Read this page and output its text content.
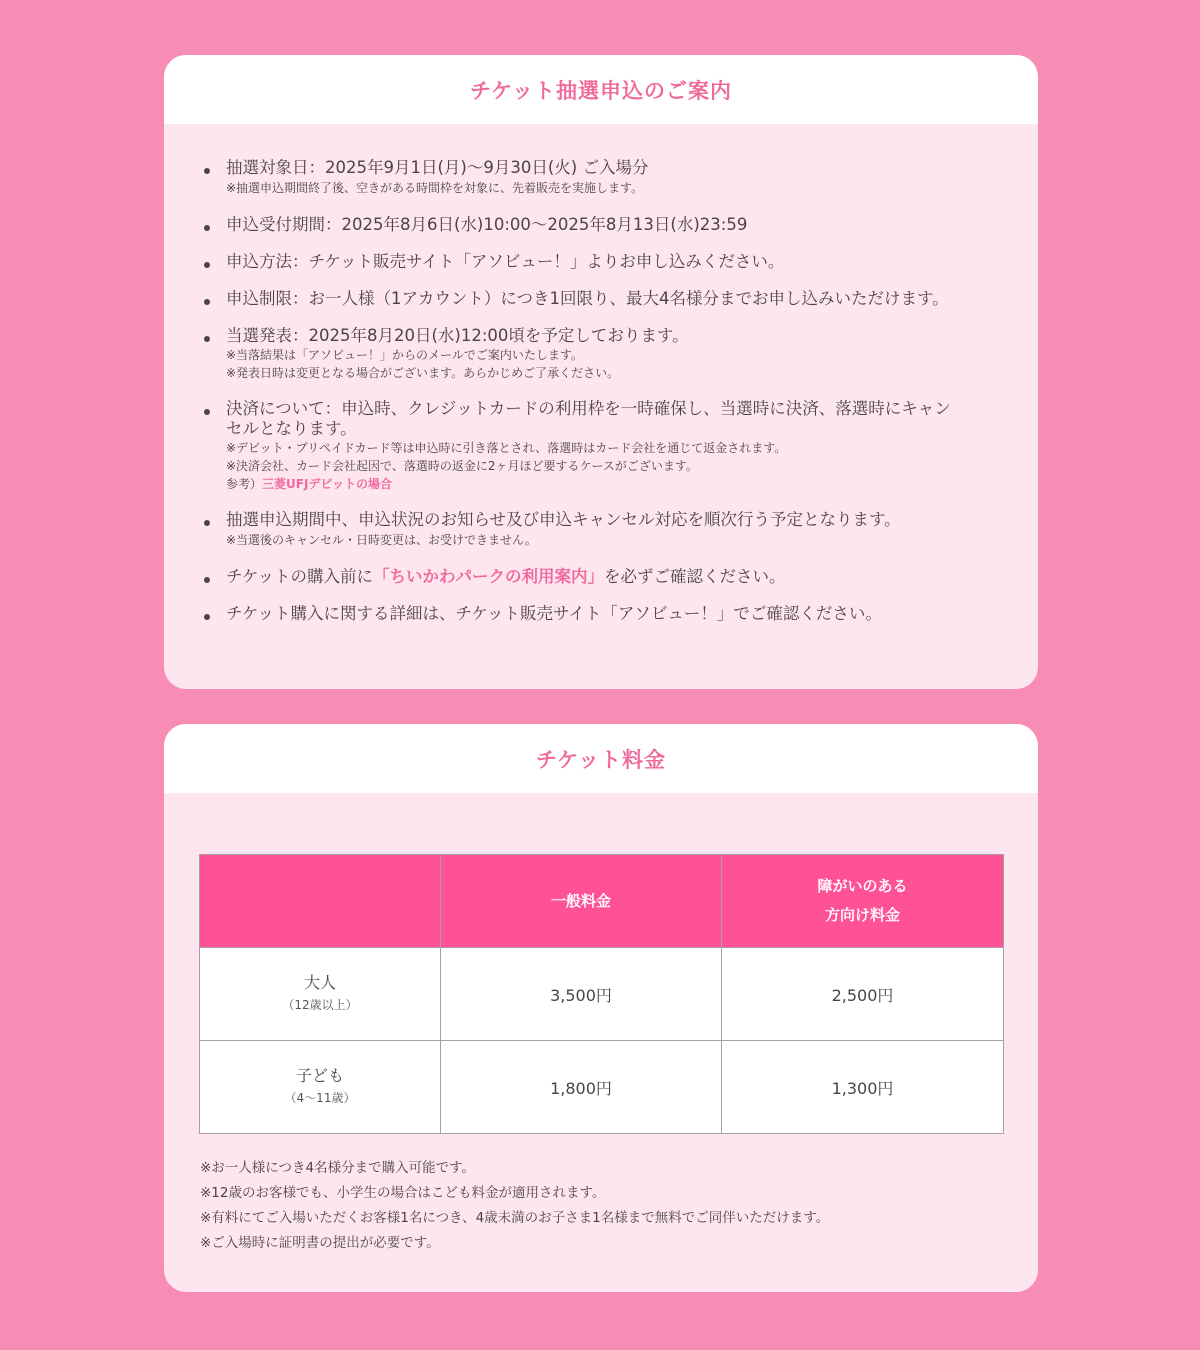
チケット抽選申込のご案内
抽選対象日：2025年9月1日(月)〜9月30日(火) ご入場分
※抽選申込期間終了後、空きがある時間枠を対象に、先着販売を実施します。
申込受付期間：2025年8月6日(水)10:00〜2025年8月13日(水)23:59
申込方法：チケット販売サイト「アソビュー！」よりお申し込みください。
申込制限：お一人様（1アカウント）につき1回限り、最大4名様分までお申し込みいただけます。
当選発表：2025年8月20日(水)12:00頃を予定しております。
※当落結果は「アソビュー！」からのメールでご案内いたします。
※発表日時は変更となる場合がございます。あらかじめご了承ください。
決済について：申込時、クレジットカードの利用枠を一時確保し、当選時に決済、落選時にキャン
セルとなります。
※デビット・プリペイドカード等は申込時に引き落とされ、落選時はカード会社を通じて返金されます。
※決済会社、カード会社起因で、落選時の返金に2ヶ月ほど要するケースがございます。
参考）三菱UFJデビットの場合
抽選申込期間中、申込状況のお知らせ及び申込キャンセル対応を順次行う予定となります。
※当選後のキャンセル・日時変更は、お受けできません。
チケットの購入前に「ちいかわパークの利用案内」を必ずご確認ください。
チケット購入に関する詳細は、チケット販売サイト「アソビュー！」でご確認ください。
チケット料金
	一般料金	障がいのある
方向け料金

大人
（12歳以上）	3,500円	2,500円

子ども
（4〜11歳）	1,800円	1,300円
※お一人様につき4名様分まで購入可能です。
※12歳のお客様でも、小学生の場合はこども料金が適用されます。
※有料にてご入場いただくお客様1名につき、4歳未満のお子さま1名様まで無料でご同伴いただけます。
※ご入場時に証明書の提出が必要です。
